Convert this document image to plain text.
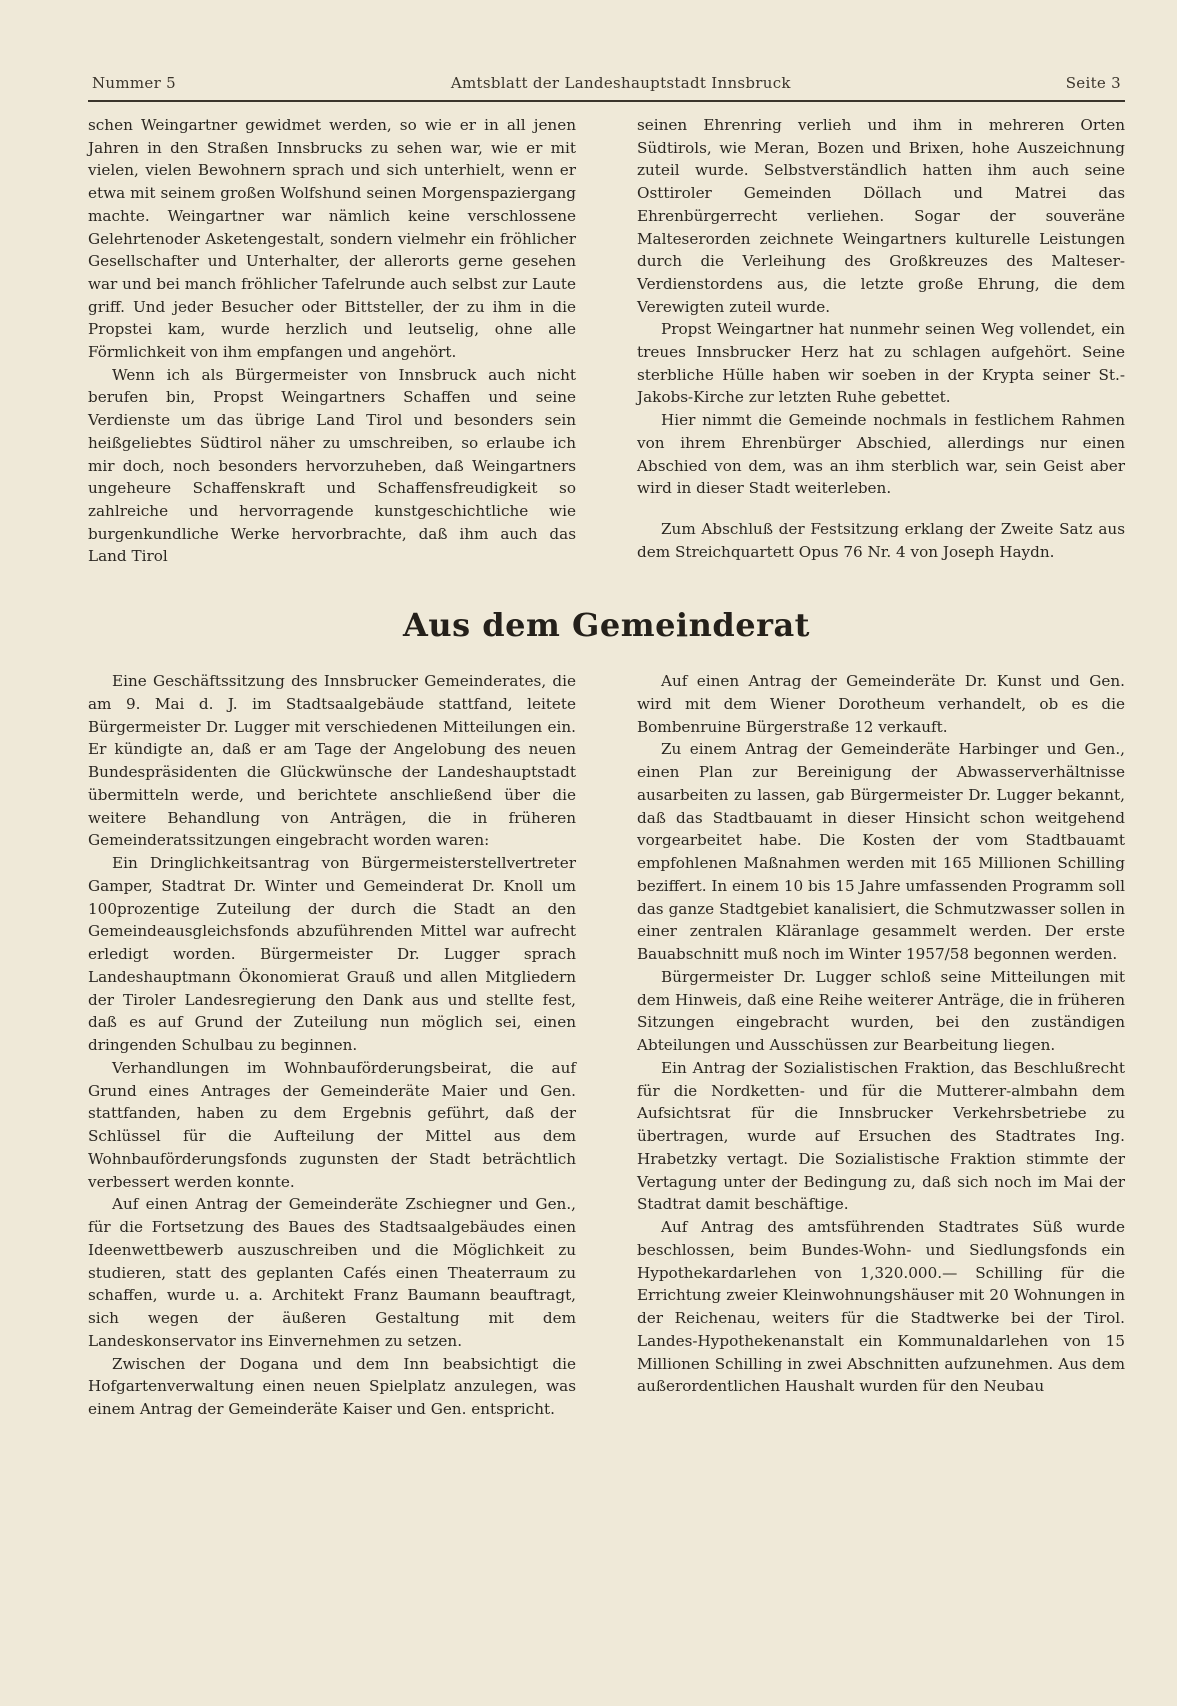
Nummer 5	Amtsblatt der Landeshauptstadt Innsbruck	Seite 3

schen Weingartner gewidmet werden, so wie er in all jenen Jahren in den Straßen Innsbrucks zu sehen war, wie er mit vielen, vielen Bewohnern sprach und sich unterhielt, wenn er etwa mit seinem großen Wolfshund seinen Morgenspaziergang machte. Weingartner war nämlich keine verschlossene Gelehrtenoder Asketengestalt, sondern vielmehr ein fröhlicher Gesellschafter und Unterhalter, der allerorts gerne gesehen war und bei manch fröhlicher Tafelrunde auch selbst zur Laute griff. Und jeder Besucher oder Bittsteller, der zu ihm in die Propstei kam, wurde herzlich und leutselig, ohne alle Förmlichkeit von ihm empfangen und angehört.

Wenn ich als Bürgermeister von Innsbruck auch nicht berufen bin, Propst Weingartners Schaffen und seine Verdienste um das übrige Land Tirol und besonders sein heißgeliebtes Südtirol näher zu umschreiben, so erlaube ich mir doch, noch besonders hervorzuheben, daß Weingartners ungeheure Schaffenskraft und Schaffensfreudigkeit so zahlreiche und hervorragende kunstgeschichtliche wie burgenkundliche Werke hervorbrachte, daß ihm auch das Land Tirol

seinen Ehrenring verlieh und ihm in mehreren Orten Südtirols, wie Meran, Bozen und Brixen, hohe Auszeichnung zuteil wurde. Selbstverständlich hatten ihm auch seine Osttiroler Gemeinden Döllach und Matrei das Ehrenbürgerrecht verliehen. Sogar der souveräne Malteserorden zeichnete Weingartners kulturelle Leistungen durch die Verleihung des Großkreuzes des Malteser-Verdienstordens aus, die letzte große Ehrung, die dem Verewigten zuteil wurde.

Propst Weingartner hat nunmehr seinen Weg vollendet, ein treues Innsbrucker Herz hat zu schlagen aufgehört. Seine sterbliche Hülle haben wir soeben in der Krypta seiner St.-Jakobs-Kirche zur letzten Ruhe gebettet.

Hier nimmt die Gemeinde nochmals in festlichem Rahmen von ihrem Ehrenbürger Abschied, allerdings nur einen Abschied von dem, was an ihm sterblich war, sein Geist aber wird in dieser Stadt weiterleben.

Zum Abschluß der Festsitzung erklang der Zweite Satz aus dem Streichquartett Opus 76 Nr. 4 von Joseph Haydn.

Aus dem Gemeinderat

Eine Geschäftssitzung des Innsbrucker Gemeinderates, die am 9. Mai d. J. im Stadtsaalgebäude stattfand, leitete Bürgermeister Dr. Lugger mit verschiedenen Mitteilungen ein. Er kündigte an, daß er am Tage der Angelobung des neuen Bundespräsidenten die Glückwünsche der Landeshauptstadt übermitteln werde, und berichtete anschließend über die weitere Behandlung von Anträgen, die in früheren Gemeinderatssitzungen eingebracht worden waren:

Ein Dringlichkeitsantrag von Bürgermeisterstellvertreter Gamper, Stadtrat Dr. Winter und Gemeinderat Dr. Knoll um 100prozentige Zuteilung der durch die Stadt an den Gemeindeausgleichsfonds abzuführenden Mittel war aufrecht erledigt worden. Bürgermeister Dr. Lugger sprach Landeshauptmann Ökonomierat Grauß und allen Mitgliedern der Tiroler Landesregierung den Dank aus und stellte fest, daß es auf Grund der Zuteilung nun möglich sei, einen dringenden Schulbau zu beginnen.

Verhandlungen im Wohnbauförderungsbeirat, die auf Grund eines Antrages der Gemeinderäte Maier und Gen. stattfanden, haben zu dem Ergebnis geführt, daß der Schlüssel für die Aufteilung der Mittel aus dem Wohnbauförderungsfonds zugunsten der Stadt beträchtlich verbessert werden konnte.

Auf einen Antrag der Gemeinderäte Zschiegner und Gen., für die Fortsetzung des Baues des Stadtsaalgebäudes einen Ideenwettbewerb auszuschreiben und die Möglichkeit zu studieren, statt des geplanten Cafés einen Theaterraum zu schaffen, wurde u. a. Architekt Franz Baumann beauftragt, sich wegen der äußeren Gestaltung mit dem Landeskonservator ins Einvernehmen zu setzen.

Zwischen der Dogana und dem Inn beabsichtigt die Hofgartenverwaltung einen neuen Spielplatz anzulegen, was einem Antrag der Gemeinderäte Kaiser und Gen. entspricht.

Auf einen Antrag der Gemeinderäte Dr. Kunst und Gen. wird mit dem Wiener Dorotheum verhandelt, ob es die Bombenruine Bürgerstraße 12 verkauft.

Zu einem Antrag der Gemeinderäte Harbinger und Gen., einen Plan zur Bereinigung der Abwasserverhältnisse ausarbeiten zu lassen, gab Bürgermeister Dr. Lugger bekannt, daß das Stadtbauamt in dieser Hinsicht schon weitgehend vorgearbeitet habe. Die Kosten der vom Stadtbauamt empfohlenen Maßnahmen werden mit 165 Millionen Schilling beziffert. In einem 10 bis 15 Jahre umfassenden Programm soll das ganze Stadtgebiet kanalisiert, die Schmutzwasser sollen in einer zentralen Kläranlage gesammelt werden. Der erste Bauabschnitt muß noch im Winter 1957/58 begonnen werden.

Bürgermeister Dr. Lugger schloß seine Mitteilungen mit dem Hinweis, daß eine Reihe weiterer Anträge, die in früheren Sitzungen eingebracht wurden, bei den zuständigen Abteilungen und Ausschüssen zur Bearbeitung liegen.

Ein Antrag der Sozialistischen Fraktion, das Beschlußrecht für die Nordketten- und für die Mutterer-almbahn dem Aufsichtsrat für die Innsbrucker Verkehrsbetriebe zu übertragen, wurde auf Ersuchen des Stadtrates Ing. Hrabetzky vertagt. Die Sozialistische Fraktion stimmte der Vertagung unter der Bedingung zu, daß sich noch im Mai der Stadtrat damit beschäftige.

Auf Antrag des amtsführenden Stadtrates Süß wurde beschlossen, beim Bundes-Wohn- und Siedlungsfonds ein Hypothekardarlehen von 1,320.000.— Schilling für die Errichtung zweier Kleinwohnungshäuser mit 20 Wohnungen in der Reichenau, weiters für die Stadtwerke bei der Tirol. Landes-Hypothekenanstalt ein Kommunaldarlehen von 15 Millionen Schilling in zwei Abschnitten aufzunehmen. Aus dem außerordentlichen Haushalt wurden für den Neubau
